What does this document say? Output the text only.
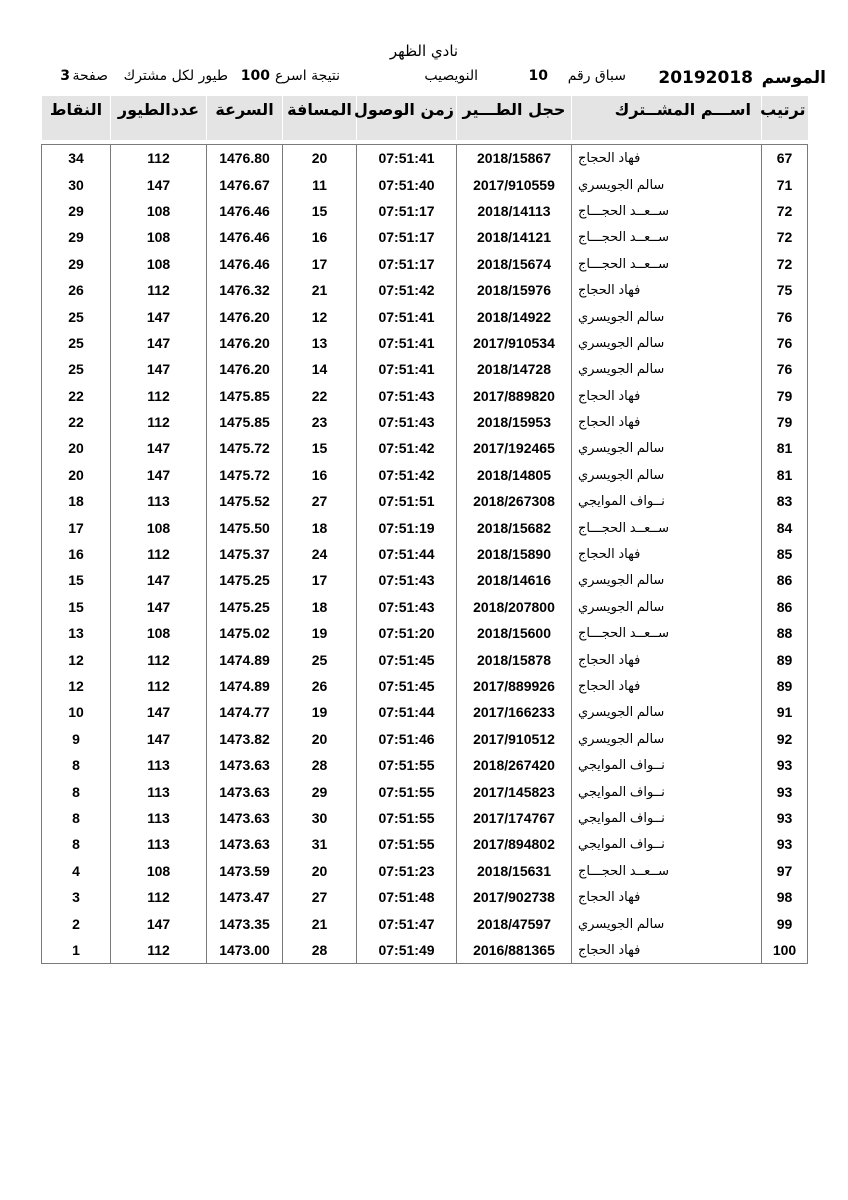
نادي الظهر
الموسم
20192018
سباق رقم
10
النويصيب
نتيجة اسرع
100
طيور لكل مشترك
صفحة
3
ترتيب	اســـم المشــترك	حجل الطـــير	زمن الوصول	المسافة	السرعة	عددالطيور	النقاط

67	فهاد الحجاج	2018/15867	07:51:41	20	1476.80	112	34
71	سالم الجويسري	2017/910559	07:51:40	11	1476.67	147	30
72	ســعــد الحجـــاج	2018/14113	07:51:17	15	1476.46	108	29
72	ســعــد الحجـــاج	2018/14121	07:51:17	16	1476.46	108	29
72	ســعــد الحجـــاج	2018/15674	07:51:17	17	1476.46	108	29
75	فهاد الحجاج	2018/15976	07:51:42	21	1476.32	112	26
76	سالم الجويسري	2018/14922	07:51:41	12	1476.20	147	25
76	سالم الجويسري	2017/910534	07:51:41	13	1476.20	147	25
76	سالم الجويسري	2018/14728	07:51:41	14	1476.20	147	25
79	فهاد الحجاج	2017/889820	07:51:43	22	1475.85	112	22
79	فهاد الحجاج	2018/15953	07:51:43	23	1475.85	112	22
81	سالم الجويسري	2017/192465	07:51:42	15	1475.72	147	20
81	سالم الجويسري	2018/14805	07:51:42	16	1475.72	147	20
83	نــواف الموايجي	2018/267308	07:51:51	27	1475.52	113	18
84	ســعــد الحجـــاج	2018/15682	07:51:19	18	1475.50	108	17
85	فهاد الحجاج	2018/15890	07:51:44	24	1475.37	112	16
86	سالم الجويسري	2018/14616	07:51:43	17	1475.25	147	15
86	سالم الجويسري	2018/207800	07:51:43	18	1475.25	147	15
88	ســعــد الحجـــاج	2018/15600	07:51:20	19	1475.02	108	13
89	فهاد الحجاج	2018/15878	07:51:45	25	1474.89	112	12
89	فهاد الحجاج	2017/889926	07:51:45	26	1474.89	112	12
91	سالم الجويسري	2017/166233	07:51:44	19	1474.77	147	10
92	سالم الجويسري	2017/910512	07:51:46	20	1473.82	147	9
93	نــواف الموايجي	2018/267420	07:51:55	28	1473.63	113	8
93	نــواف الموايجي	2017/145823	07:51:55	29	1473.63	113	8
93	نــواف الموايجي	2017/174767	07:51:55	30	1473.63	113	8
93	نــواف الموايجي	2017/894802	07:51:55	31	1473.63	113	8
97	ســعــد الحجـــاج	2018/15631	07:51:23	20	1473.59	108	4
98	فهاد الحجاج	2017/902738	07:51:48	27	1473.47	112	3
99	سالم الجويسري	2018/47597	07:51:47	21	1473.35	147	2
100	فهاد الحجاج	2016/881365	07:51:49	28	1473.00	112	1
